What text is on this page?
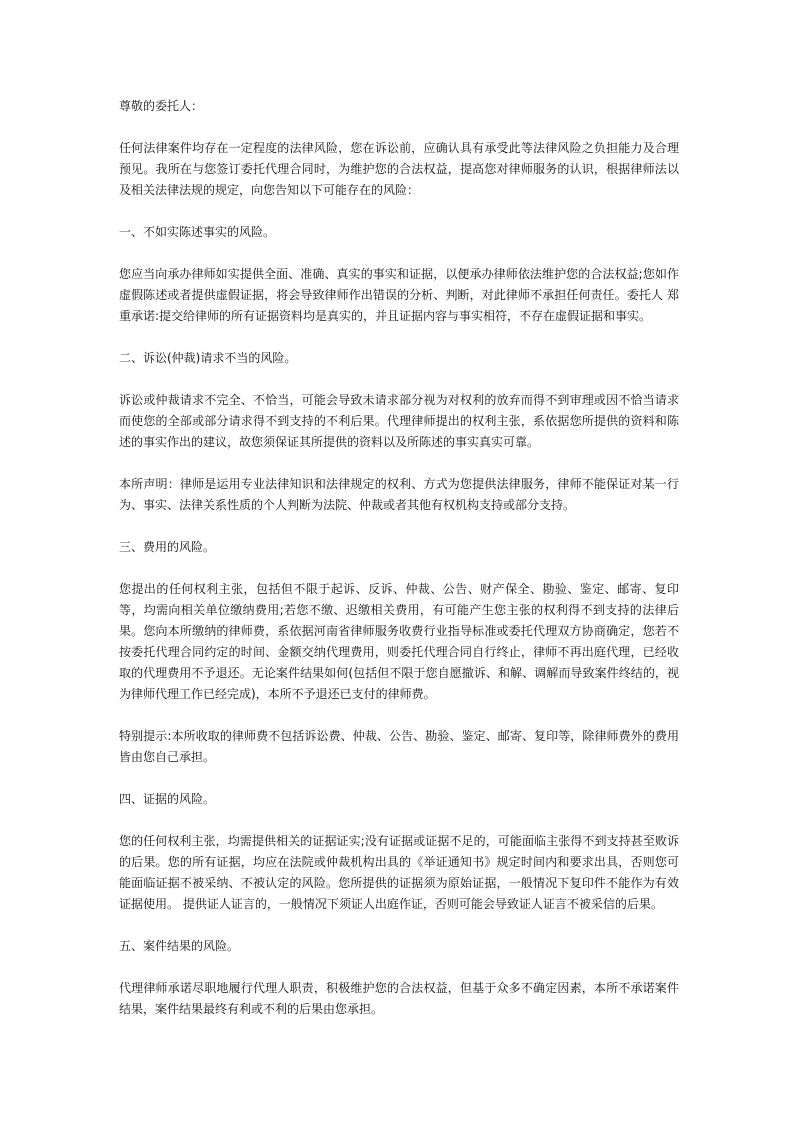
尊敬的委托人：

任何法律案件均存在一定程度的法律风险，您在诉讼前，应确认具有承受此等法律风险之负担能力及合理预见。我所在与您签订委托代理合同时，为维护您的合法权益，提高您对律师服务的认识，根据律师法以及相关法律法规的规定，向您告知以下可能存在的风险：

一、不如实陈述事实的风险。

您应当向承办律师如实提供全面、准确、真实的事实和证据，以便承办律师依法维护您的合法权益;您如作虚假陈述或者提供虚假证据，将会导致律师作出错误的分析、判断，对此律师不承担任何责任。委托人 郑重承诺:提交给律师的所有证据资料均是真实的，并且证据内容与事实相符，不存在虚假证据和事实。

二、诉讼(仲裁)请求不当的风险。

诉讼或仲裁请求不完全、不恰当，可能会导致未请求部分视为对权利的放弃而得不到审理或因不恰当请求而使您的全部或部分请求得不到支持的不利后果。代理律师提出的权利主张，系依据您所提供的资料和陈述的事实作出的建议，故您须保证其所提供的资料以及所陈述的事实真实可靠。

本所声明：律师是运用专业法律知识和法律规定的权利、方式为您提供法律服务，律师不能保证对某一行为、事实、法律关系性质的个人判断为法院、仲裁或者其他有权机构支持或部分支持。

三、费用的风险。

您提出的任何权利主张，包括但不限于起诉、反诉、仲裁、公告、财产保全、勘验、鉴定、邮寄、复印等，均需向相关单位缴纳费用;若您不缴、迟缴相关费用，有可能产生您主张的权利得不到支持的法律后果。您向本所缴纳的律师费，系依据河南省律师服务收费行业指导标准或委托代理双方协商确定，您若不按委托代理合同约定的时间、金额交纳代理费用，则委托代理合同自行终止，律师不再出庭代理，已经收取的代理费用不予退还。无论案件结果如何(包括但不限于您自愿撤诉、和解、调解而导致案件终结的，视为律师代理工作已经完成)，本所不予退还已支付的律师费。

特别提示:本所收取的律师费不包括诉讼费、仲裁、公告、勘验、鉴定、邮寄、复印等，除律师费外的费用皆由您自己承担。

四、证据的风险。

您的任何权利主张，均需提供相关的证据证实;没有证据或证据不足的，可能面临主张得不到支持甚至败诉的后果。您的所有证据，均应在法院或仲裁机构出具的《举证通知书》规定时间内和要求出具，否则您可能面临证据不被采纳、不被认定的风险。您所提供的证据须为原始证据，一般情况下复印件不能作为有效证据使用。 提供证人证言的，一般情况下须证人出庭作证，否则可能会导致证人证言不被采信的后果。

五、案件结果的风险。

代理律师承诺尽职地履行代理人职责，积极维护您的合法权益，但基于众多不确定因素，本所不承诺案件结果，案件结果最终有利或不利的后果由您承担。
